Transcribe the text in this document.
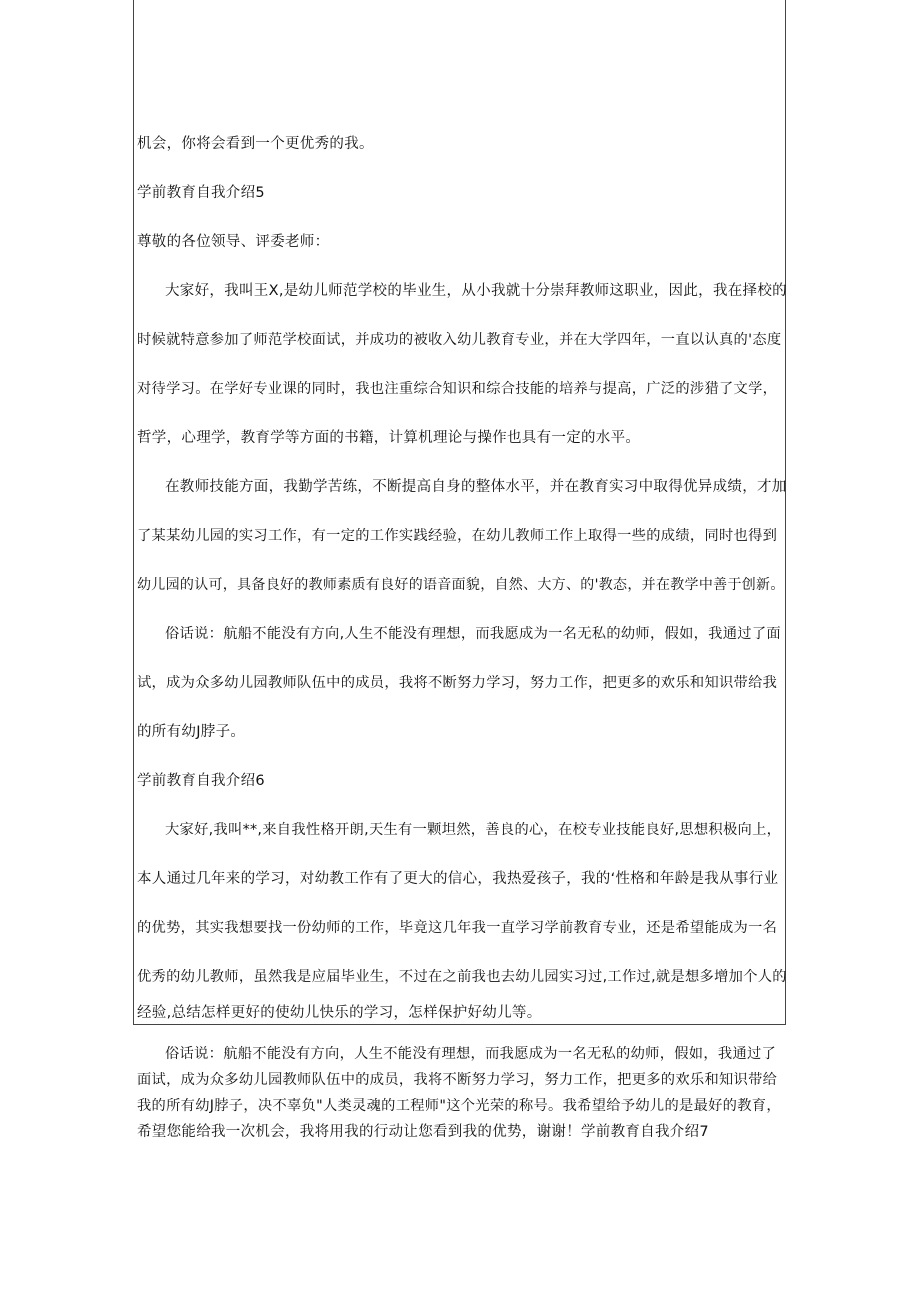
机会，你将会看到一个更优秀的我。
学前教育自我介绍5
尊敬的各位领导、评委老师：
大家好，我叫王X,是幼儿师范学校的毕业生，从小我就十分崇拜教师这职业，因此，我在择校的
时候就特意参加了师范学校面试，并成功的被收入幼儿教育专业，并在大学四年，一直以认真的'态度
对待学习。在学好专业课的同时，我也注重综合知识和综合技能的培养与提高，广泛的涉猎了文学，
哲学，心理学，教育学等方面的书籍，计算机理论与操作也具有一定的水平。
在教师技能方面，我勤学苦练，不断提高自身的整体水平，并在教育实习中取得优异成绩，才加
了某某幼儿园的实习工作，有一定的工作实践经验，在幼儿教师工作上取得一些的成绩，同时也得到
幼儿园的认可，具备良好的教师素质有良好的语音面貌，自然、大方、的'教态，并在教学中善于创新。
俗话说：航船不能没有方向,人生不能没有理想，而我愿成为一名无私的幼师，假如，我通过了面
试，成为众多幼儿园教师队伍中的成员，我将不断努力学习，努力工作，把更多的欢乐和知识带给我
的所有幼J脖子。
学前教育自我介绍6
大家好,我叫**,来自我性格开朗,天生有一颗坦然，善良的心，在校专业技能良好,思想积极向上，
本人通过几年来的学习，对幼教工作有了更大的信心，我热爱孩子，我的‘性格和年龄是我从事行业
的优势，其实我想要找一份幼师的工作，毕竟这几年我一直学习学前教育专业，还是希望能成为一名
优秀的幼儿教师，虽然我是应届毕业生，不过在之前我也去幼儿园实习过,工作过,就是想多增加个人的
经验,总结怎样更好的使幼儿快乐的学习，怎样保护好幼儿等。
俗话说：航船不能没有方向，人生不能没有理想，而我愿成为一名无私的幼师，假如，我通过了
面试，成为众多幼儿园教师队伍中的成员，我将不断努力学习，努力工作，把更多的欢乐和知识带给
我的所有幼J脖子，决不辜负"人类灵魂的工程师"这个光荣的称号。我希望给予幼儿的是最好的教育，
希望您能给我一次机会，我将用我的行动让您看到我的优势，谢谢！学前教育自我介绍7
